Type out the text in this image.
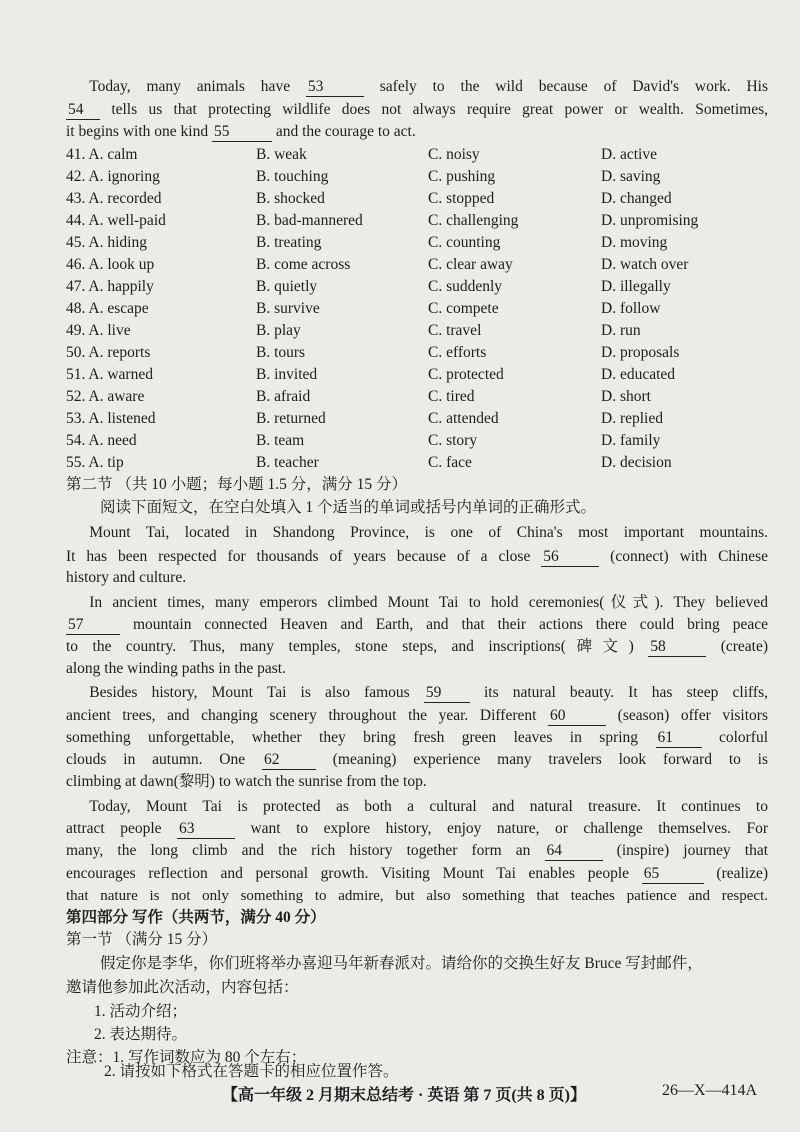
  Today, many animals have 53	safely to the wild because of David's work. His
54 tells us that protecting wildlife does not always require great power or wealth. Sometimes,
it begins with one kind 55	and the courage to act.
41. A. calm	B. weak	C. noisy	D. active
42. A. ignoring	B. touching	C. pushing	D. saving
43. A. recorded	B. shocked	C. stopped	D. changed
44. A. well-paid	B. bad-mannered	C. challenging	D. unpromising
45. A. hiding	B. treating	C. counting	D. moving
46. A. look up	B. come across	C. clear away	D. watch over
47. A. happily	B. quietly	C. suddenly	D. illegally
48. A. escape	B. survive	C. compete	D. follow
49. A. live	B. play	C. travel	D. run
50. A. reports	B. tours	C. efforts	D. proposals
51. A. warned	B. invited	C. protected	D. educated
52. A. aware	B. afraid	C. tired	D. short
53. A. listened	B. returned	C. attended	D. replied
54. A. need	B. team	C. story	D. family
55. A. tip	B. teacher	C. face	D. decision
第二节 （共 10 小题；每小题 1.5 分，满分 15 分）
阅读下面短文，在空白处填入 1 个适当的单词或括号内单词的正确形式。
  Mount Tai, located in Shandong Province, is one of China's most important mountains.
It has been respected for thousands of years because of a close 56	(connect) with Chinese
history and culture.
  In ancient times, many emperors climbed Mount Tai to hold ceremonies(仪式). They believed
57	mountain connected Heaven and Earth, and that their actions there could bring peace
to the country. Thus, many temples, stone steps, and inscriptions(碑文) 58	(create)
along the winding paths in the past.
  Besides history, Mount Tai is also famous 59	its natural beauty. It has steep cliffs,
ancient trees, and changing scenery throughout the year. Different 60	(season) offer visitors
something unforgettable, whether they bring fresh green leaves in spring 61	colorful
clouds in autumn. One 62	(meaning) experience many travelers look forward to is
climbing at dawn(黎明) to watch the sunrise from the top.
  Today, Mount Tai is protected as both a cultural and natural treasure. It continues to
attract people 63	want to explore history, enjoy nature, or challenge themselves. For
many, the long climb and the rich history together form an 64	(inspire) journey that
encourages reflection and personal growth. Visiting Mount Tai enables people 65	(realize)
that nature is not only something to admire, but also something that teaches patience and respect.
第四部分 写作（共两节，满分 40 分）
第一节 （满分 15 分）
假定你是李华，你们班将举办喜迎马年新春派对。请给你的交换生好友 Bruce 写封邮件，
邀请他参加此次活动，内容包括：
1. 活动介绍；
2. 表达期待。
注意：1. 写作词数应为 80 个左右；
2. 请按如下格式在答题卡的相应位置作答。
【高一年级 2 月期末总结考 · 英语 第 7 页(共 8 页)】	26—X—414A
